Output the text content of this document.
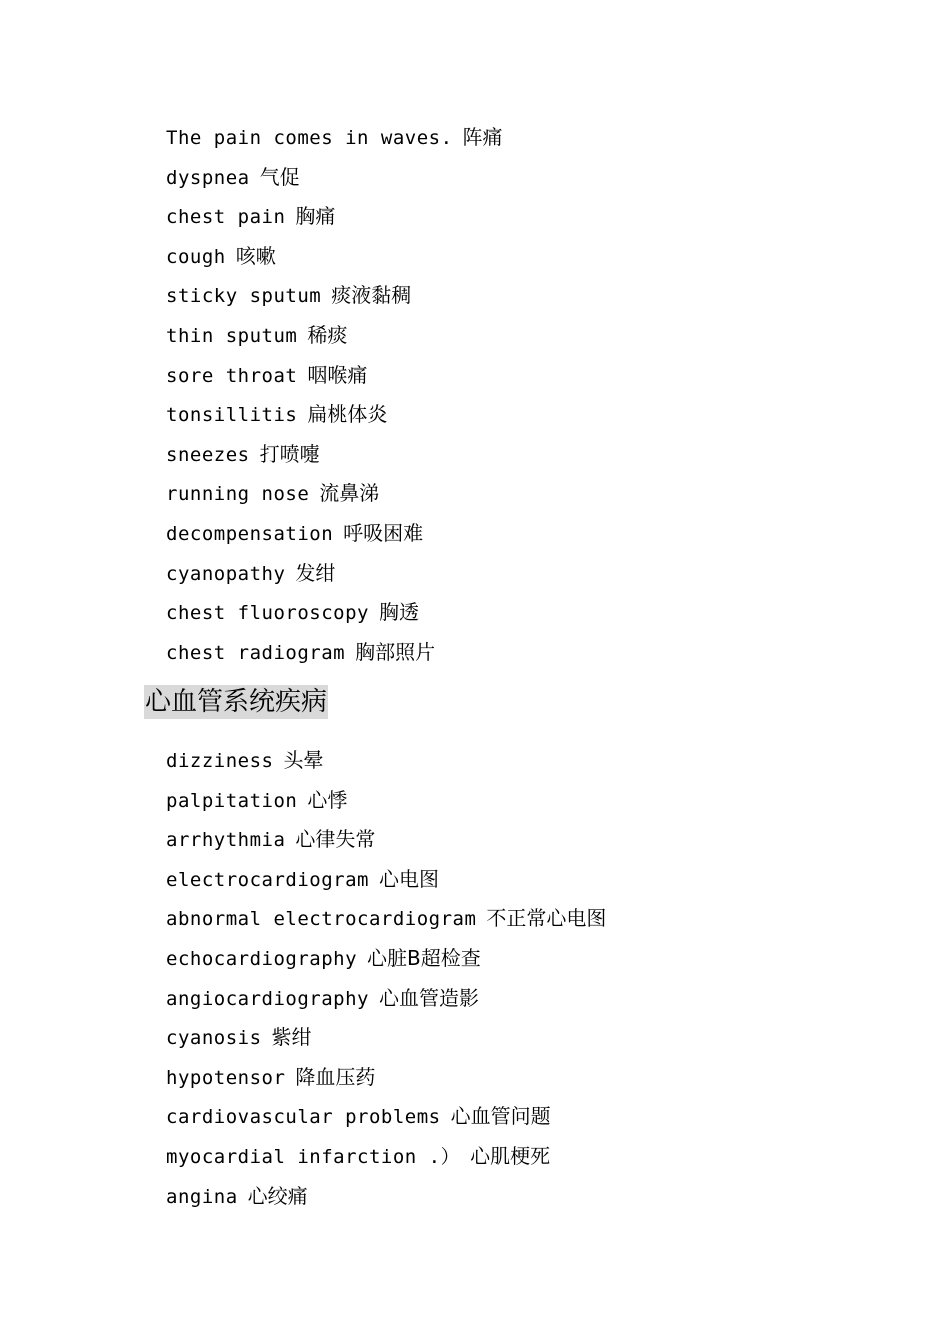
The pain comes in waves. 阵痛
dyspnea 气促
chest pain 胸痛
cough 咳嗽
sticky sputum 痰液黏稠
thin sputum 稀痰
sore throat 咽喉痛
tonsillitis 扁桃体炎
sneezes 打喷嚏
running nose 流鼻涕
decompensation 呼吸困难
cyanopathy 发绀
chest fluoroscopy 胸透
chest radiogram 胸部照片
心血管系统疾病
dizziness 头晕
palpitation 心悸
arrhythmia 心律失常
electrocardiogram 心电图
abnormal electrocardiogram 不正常心电图
echocardiography 心脏B超检查
angiocardiography 心血管造影
cyanosis 紫绀
hypotensor 降血压药
cardiovascular problems 心血管问题
myocardial infarction .） 心肌梗死
angina 心绞痛
